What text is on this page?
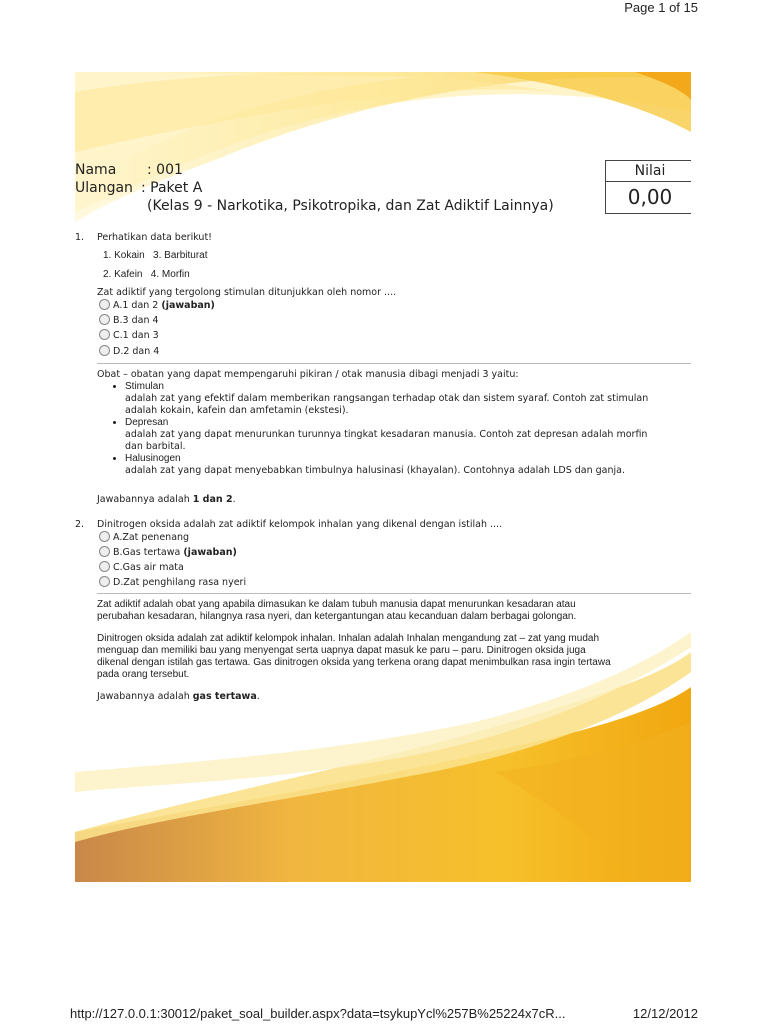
Page 1 of 15
Nama : 001
Ulangan : Paket A
(Kelas 9 - Narkotika, Psikotropika, dan Zat Adiktif Lainnya)
Nilai
0,00
1. Perhatikan data berikut!
1. Kokain   3. Barbiturat
2. Kafein   4. Morfin
Zat adiktif yang tergolong stimulan ditunjukkan oleh nomor ....
A.1 dan 2 (jawaban)
B.3 dan 4
C.1 dan 3
D.2 dan 4
Obat – obatan yang dapat mempengaruhi pikiran / otak manusia dibagi menjadi 3 yaitu:
• Stimulan
adalah zat yang efektif dalam memberikan rangsangan terhadap otak dan sistem syaraf. Contoh zat stimulan
adalah kokain, kafein dan amfetamin (ekstesi).
• Depresan
adalah zat yang dapat menurunkan turunnya tingkat kesadaran manusia. Contoh zat depresan adalah morfin
dan barbital.
• Halusinogen
adalah zat yang dapat menyebabkan timbulnya halusinasi (khayalan). Contohnya adalah LDS dan ganja.
Jawabannya adalah 1 dan 2.
2. Dinitrogen oksida adalah zat adiktif kelompok inhalan yang dikenal dengan istilah ....
A.Zat penenang
B.Gas tertawa (jawaban)
C.Gas air mata
D.Zat penghilang rasa nyeri
Zat adiktif adalah obat yang apabila dimasukan ke dalam tubuh manusia dapat menurunkan kesadaran atau
perubahan kesadaran, hilangnya rasa nyeri, dan ketergantungan atau kecanduan dalam berbagai golongan.
Dinitrogen oksida adalah zat adiktif kelompok inhalan. Inhalan adalah Inhalan mengandung zat – zat yang mudah
menguap dan memiliki bau yang menyengat serta uapnya dapat masuk ke paru – paru. Dinitrogen oksida juga
dikenal dengan istilah gas tertawa. Gas dinitrogen oksida yang terkena orang dapat menimbulkan rasa ingin tertawa
pada orang tersebut.
Jawabannya adalah gas tertawa.
http://127.0.0.1:30012/paket_soal_builder.aspx?data=tsykupYcl%257B%25224x7cR...	12/12/2012
